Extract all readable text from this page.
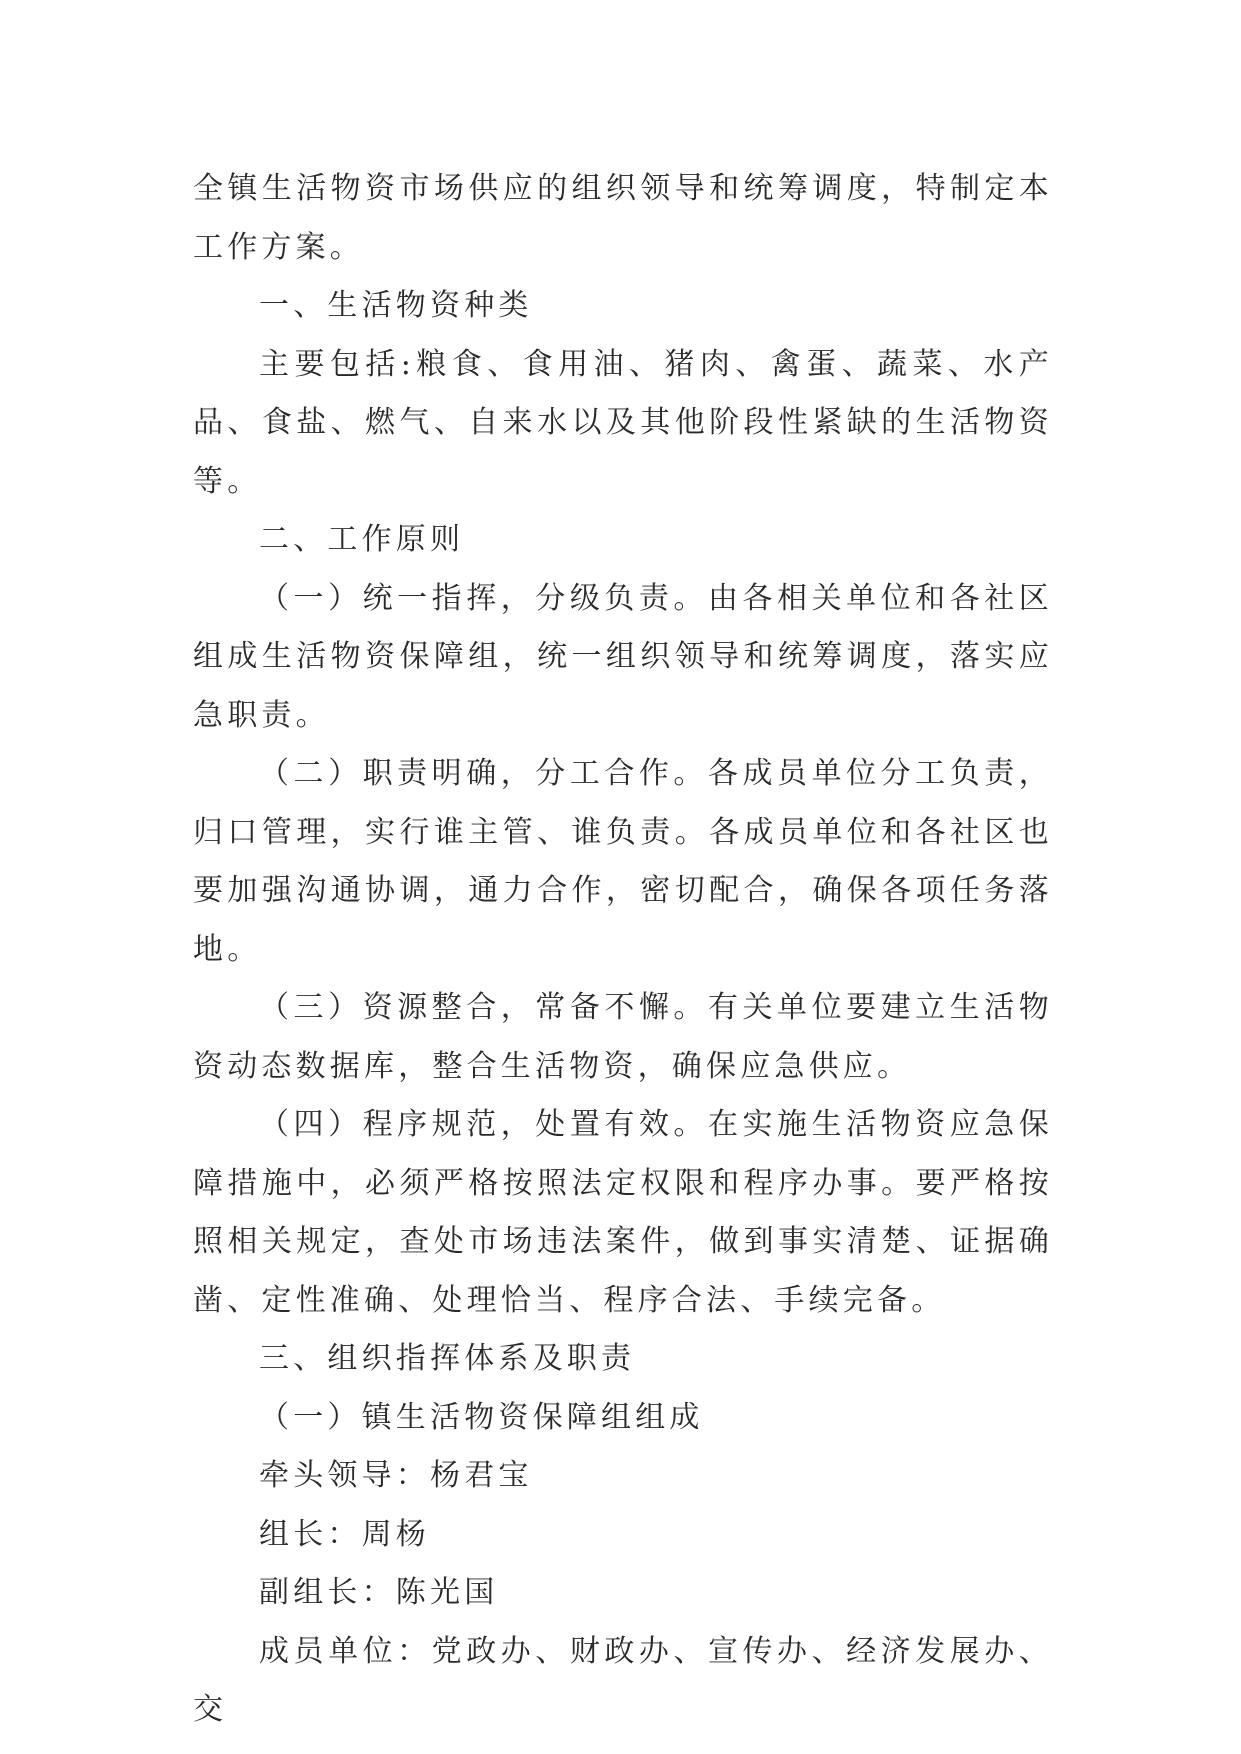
全镇生活物资市场供应的组织领导和统筹调度，特制定本工作方案。

一、生活物资种类

主要包括:粮食、食用油、猪肉、禽蛋、蔬菜、水产品、食盐、燃气、自来水以及其他阶段性紧缺的生活物资等。

二、工作原则

（一）统一指挥，分级负责。由各相关单位和各社区组成生活物资保障组，统一组织领导和统筹调度，落实应急职责。

（二）职责明确，分工合作。各成员单位分工负责，归口管理，实行谁主管、谁负责。各成员单位和各社区也要加强沟通协调，通力合作，密切配合，确保各项任务落地。

（三）资源整合，常备不懈。有关单位要建立生活物资动态数据库，整合生活物资，确保应急供应。

（四）程序规范，处置有效。在实施生活物资应急保障措施中，必须严格按照法定权限和程序办事。要严格按照相关规定，查处市场违法案件，做到事实清楚、证据确凿、定性准确、处理恰当、程序合法、手续完备。

三、组织指挥体系及职责

（一）镇生活物资保障组组成

牵头领导：杨君宝

组长：周杨

副组长：陈光国

成员单位：党政办、财政办、宣传办、经济发展办、交
